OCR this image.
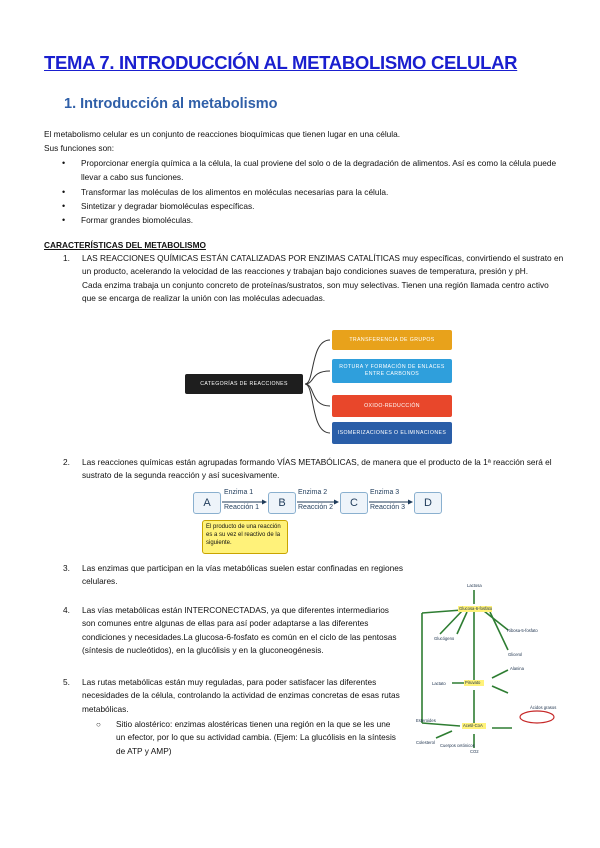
TEMA 7. INTRODUCCIÓN AL METABOLISMO CELULAR
1. Introducción al metabolismo
El metabolismo celular es un conjunto de reacciones bioquímicas que tienen lugar en una célula.
Sus funciones son:
• Proporcionar energía química a la célula, la cual proviene del solo o de la degradación de alimentos. Así es como la célula puede llevar a cabo sus funciones.
• Transformar las moléculas de los alimentos en moléculas necesarias para la célula.
• Sintetizar y degradar biomoléculas específicas.
• Formar grandes biomoléculas.
CARACTERÍSTICAS DEL METABOLISMO
1. LAS REACCIONES QUÍMICAS ESTÁN CATALIZADAS POR ENZIMAS CATALÍTICAS muy específicas, convirtiendo el sustrato en un producto, acelerando la velocidad de las reacciones y trabajan bajo condiciones suaves de temperatura, presión y pH.
Cada enzima trabaja un conjunto concreto de proteínas/sustratos, son muy selectivas. Tienen una región llamada centro activo que se encarga de realizar la unión con las moléculas adecuadas.
CATEGORÍAS DE REACCIONES
TRANSFERENCIA DE GRUPOS
ROTURA Y FORMACIÓN DE ENLACES ENTRE CARBONOS
OXIDO-REDUCCIÓN
ISOMERIZACIONES O ELIMINACIONES
2. Las reacciones químicas están agrupadas formando VÍAS METABÓLICAS, de manera que el producto de la 1ª reacción será el sustrato de la segunda reacción y así sucesivamente.
A	B	C	D
Enzima 1
Reacción 1
Enzima 2
Reacción 2
Enzima 3
Reacción 3
El producto de una reacción es a su vez el reactivo de la siguiente.
3. Las enzimas que participan en la vías metabólicas suelen estar confinadas en regiones celulares.
4. Las vías metabólicas están INTERCONECTADAS, ya que diferentes intermediarios son comunes entre algunas de ellas para así poder adaptarse a las diferentes condiciones y necesidades.La glucosa-6-fosfato es común en el ciclo de las pentosas (síntesis de nucleótidos), en la glucólisis y en la gluconeogénesis.
5. Las rutas metabólicas están muy reguladas, para poder satisfacer las diferentes necesidades de la célula, controlando la actividad de enzimas concretas de esas rutas metabólicas.
○	Sitio alostérico: enzimas alostéricas tienen una región en la que se les une un efector, por lo que su actividad cambia. (Ejem: La glucólisis en la síntesis de ATP y AMP)
Lactosa
Glucosa-6-fosfato
Ribosa-5-fosfato
Glucógeno
Glicerol
Ácidos grasos
Lactato
Alanina
Piruvato
Acetil-CoA
Colesterol
Cuerpos cetónicos
CO2
Esteroides
